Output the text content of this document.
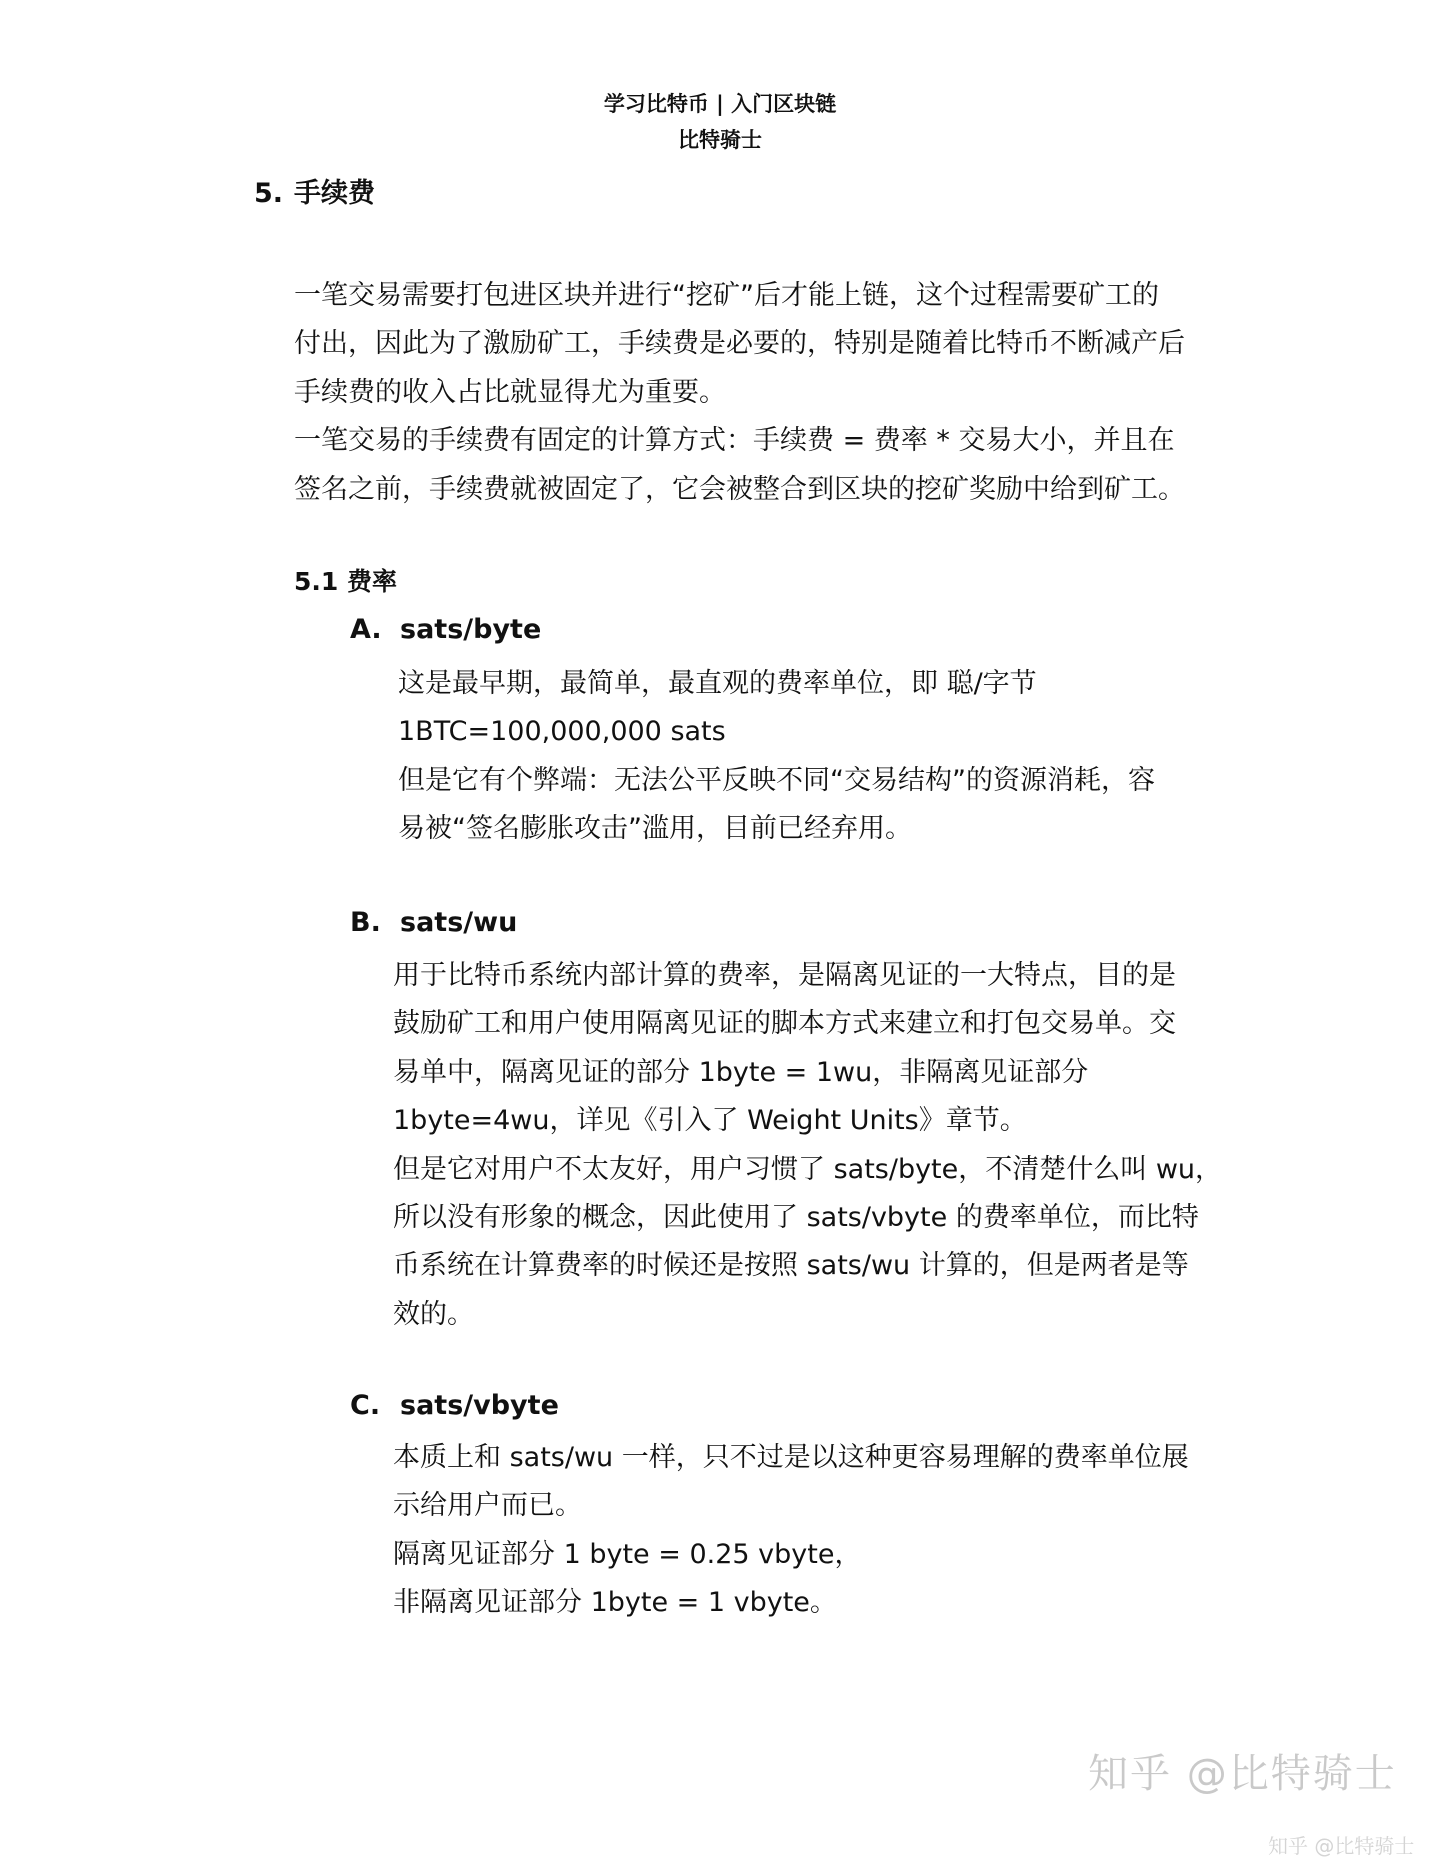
学习比特币 | 入门区块链
比特骑士
5. 手续费
一笔交易需要打包进区块并进行“挖矿”后才能上链，这个过程需要矿工的
付出，因此为了激励矿工，手续费是必要的，特别是随着比特币不断减产后
手续费的收入占比就显得尤为重要。
一笔交易的手续费有固定的计算方式：手续费 = 费率 * 交易大小，并且在
签名之前，手续费就被固定了，它会被整合到区块的挖矿奖励中给到矿工。
5.1 费率
A. sats/byte
这是最早期，最简单，最直观的费率单位，即 聪/字节
1BTC=100,000,000 sats
但是它有个弊端：无法公平反映不同“交易结构”的资源消耗，容
易被“签名膨胀攻击”滥用，目前已经弃用。
B. sats/wu
用于比特币系统内部计算的费率，是隔离见证的一大特点，目的是
鼓励矿工和用户使用隔离见证的脚本方式来建立和打包交易单。交
易单中，隔离见证的部分 1byte = 1wu，非隔离见证部分
1byte=4wu，详见《引入了 Weight Units》章节。
但是它对用户不太友好，用户习惯了 sats/byte，不清楚什么叫 wu，
所以没有形象的概念，因此使用了 sats/vbyte 的费率单位，而比特
币系统在计算费率的时候还是按照 sats/wu 计算的，但是两者是等
效的。
C. sats/vbyte
本质上和 sats/wu 一样，只不过是以这种更容易理解的费率单位展
示给用户而已。
隔离见证部分 1 byte = 0.25 vbyte，
非隔离见证部分 1byte = 1 vbyte。
知乎 @比特骑士
知乎 @比特骑士
